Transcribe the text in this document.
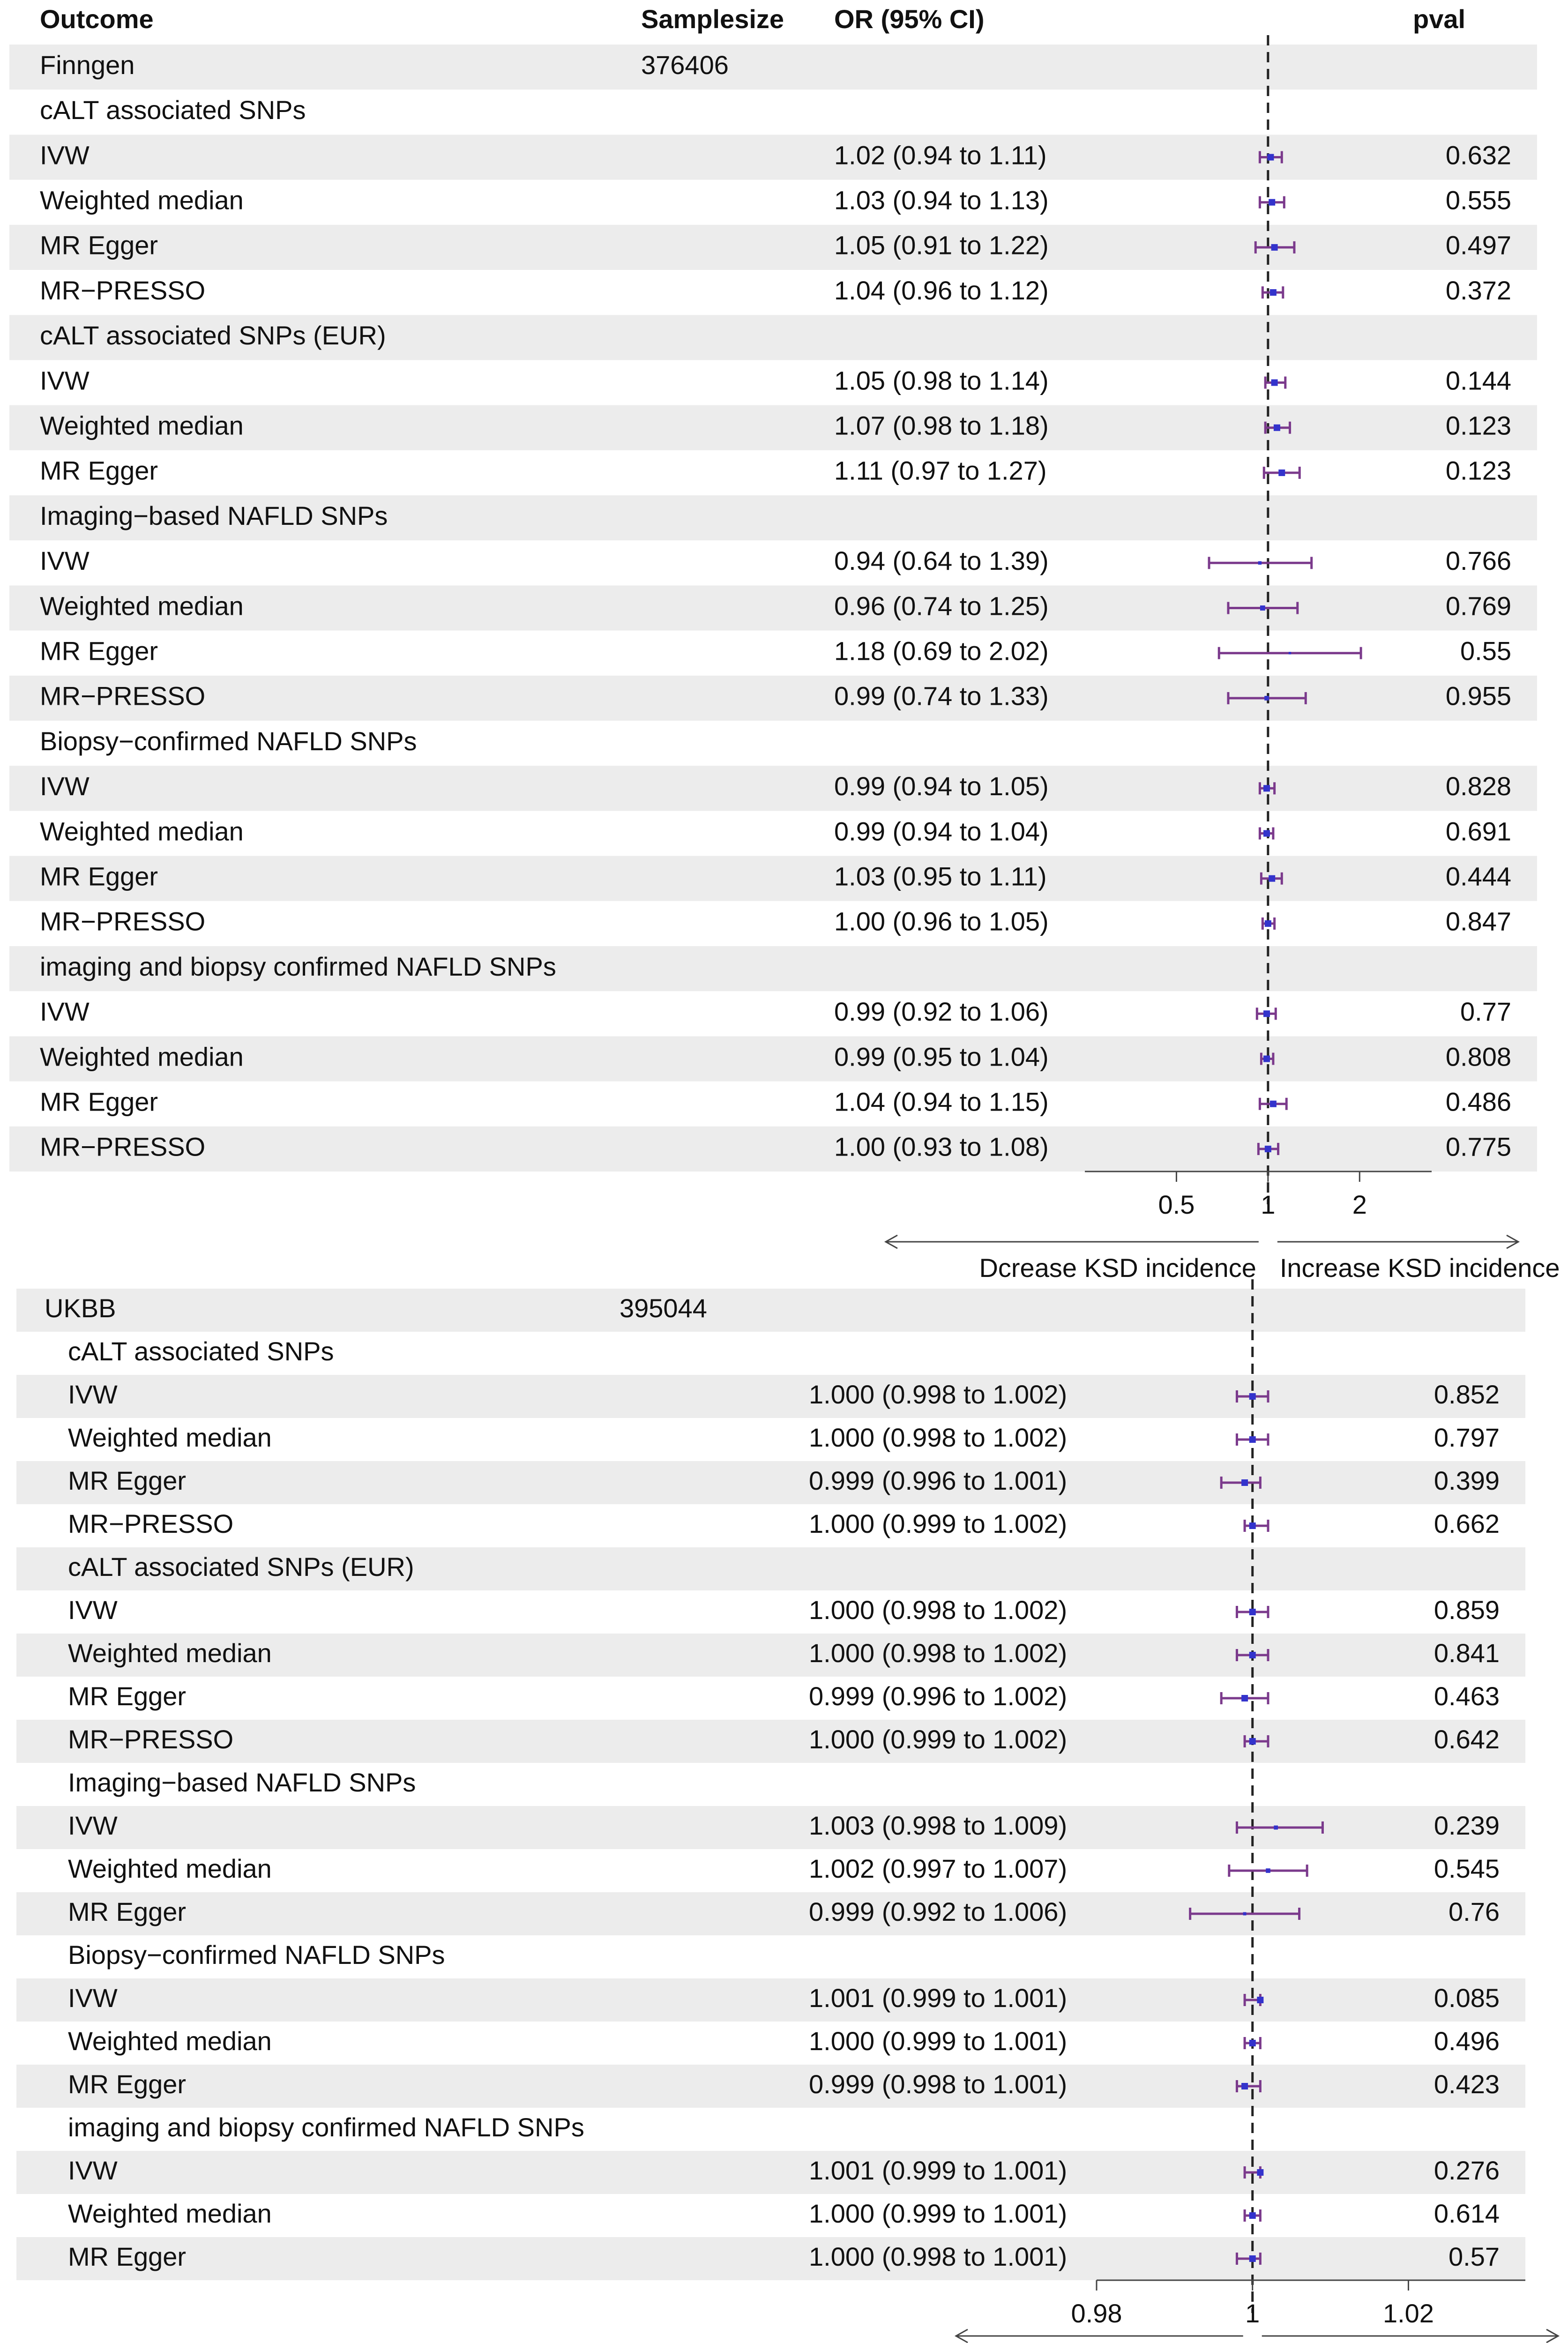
Outcome	Samplesize OR (95% CI)	pval
Finngen	376406
cALT associated SNPs
IVW	1.02 (0.94 to 1.11)	0.632
Weighted median	1.03 (0.94 to 1.13)	0.555
MR Egger	1.05 (0.91 to 1.22)	0.497
MR−PRESSO	1.04 (0.96 to 1.12)	0.372
cALT associated SNPs (EUR)
IVW	1.05 (0.98 to 1.14)	0.144
Weighted median	1.07 (0.98 to 1.18)	0.123
MR Egger	1.11 (0.97 to 1.27)	0.123
Imaging−based NAFLD SNPs
IVW	0.94 (0.64 to 1.39)	0.766
Weighted median	0.96 (0.74 to 1.25)	0.769
MR Egger	1.18 (0.69 to 2.02)	0.55
MR−PRESSO	0.99 (0.74 to 1.33)	0.955
Biopsy−confirmed NAFLD SNPs
IVW	0.99 (0.94 to 1.05)	0.828
Weighted median	0.99 (0.94 to 1.04)	0.691
MR Egger	1.03 (0.95 to 1.11)	0.444
MR−PRESSO	1.00 (0.96 to 1.05)	0.847
imaging and biopsy confirmed NAFLD SNPs
IVW	0.99 (0.92 to 1.06)	0.77
Weighted median	0.99 (0.95 to 1.04)	0.808
MR Egger	1.04 (0.94 to 1.15)	0.486
MR−PRESSO	1.00 (0.93 to 1.08)	0.775
0.5	1	2
Dcrease KSD incidence Increase KSD incidence
UKBB	395044
cALT associated SNPs
IVW	1.000 (0.998 to 1.002)	0.852
Weighted median	1.000 (0.998 to 1.002)	0.797
MR Egger	0.999 (0.996 to 1.001)	0.399
MR−PRESSO	1.000 (0.999 to 1.002)	0.662
cALT associated SNPs (EUR)
IVW	1.000 (0.998 to 1.002)	0.859
Weighted median	1.000 (0.998 to 1.002)	0.841
MR Egger	0.999 (0.996 to 1.002)	0.463
MR−PRESSO	1.000 (0.999 to 1.002)	0.642
Imaging−based NAFLD SNPs
IVW	1.003 (0.998 to 1.009)	0.239
Weighted median	1.002 (0.997 to 1.007)	0.545
MR Egger	0.999 (0.992 to 1.006)	0.76
Biopsy−confirmed NAFLD SNPs
IVW	1.001 (0.999 to 1.001)	0.085
Weighted median	1.000 (0.999 to 1.001)	0.496
MR Egger	0.999 (0.998 to 1.001)	0.423
imaging and biopsy confirmed NAFLD SNPs
IVW	1.001 (0.999 to 1.001)	0.276
Weighted median	1.000 (0.999 to 1.001)	0.614
MR Egger	1.000 (0.998 to 1.001)	0.57
0.98	1	1.02
